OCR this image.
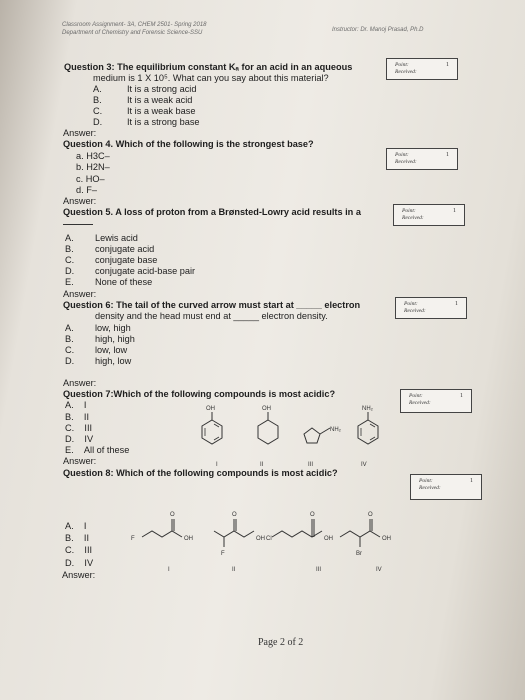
Classroom Assignment- 3A, CHEM 2501- Spring 2018
Department of Chemistry and Forensic Science-SSU	Instructor: Dr. Manoj Prasad, Ph.D
Question 3: The equilibrium constant Kₐ for an acid in an aqueous
medium is 1 X 10⁵. What can you say about this material?
A.	It is a strong acid
B.	It is a weak acid
C.	It is a weak base
D.	It is a strong base
Answer:
Point:
Received:
1
Question 4. Which of the following is the strongest base?
a. H3C–
b. H2N–
c. HO–
d. F–
Answer:
Point:
Received:
1
Question 5. A loss of proton from a Brønsted-Lowry acid results in a
A. Lewis acid
B. conjugate acid
C. conjugate base
D. conjugate acid-base pair
E. None of these
Answer:
Point:
Received:
1
Question 6: The tail of the curved arrow must start at _____ electron
density and the head must end at _____ electron density.
A. low, high
B. high, high
C. low, low
D. high, low
Answer:
Point:
Received:
1
Question 7:Which of the following compounds is most acidic?
A. I
B. II
C. III
D. IV
E. All of these
Answer:
Point:
Received:
1
OH	OH
NH₂
NH₂
I	II	III	IV
Question 8: Which of the following compounds is most acidic?
A. I
B. II
C. III
D. IV
Answer:
Point:
Received:
1
F	OH
O
F
OH
O
Cl	OH
O
Br
OH
O
I	II	III	IV
Page 2 of 2
